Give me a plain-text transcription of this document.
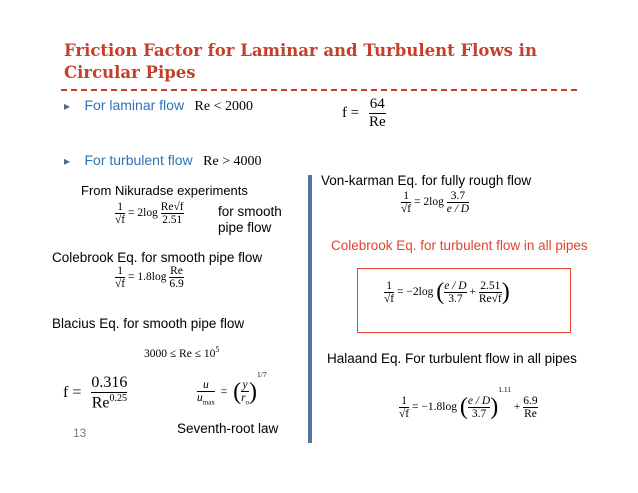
Friction Factor for Laminar and Turbulent Flows in Circular Pipes
▸ For laminar flow Re < 2000	$f = \frac{64}{Re}$
▸ For turbulent flow Re > 4000
From Nikuradse experiments
$\frac{1}{√f} = 2\log \frac{Re√f}{2.51}$	for smooth pipe flow
Colebrook Eq. for smooth pipe flow
$\frac{1}{√f} = 1.8\log \frac{Re}{6.9}$
Blacius Eq. for smooth pipe flow
$3000 \le Re \le 10^5$
$f = \frac{0.316}{Re^{0.25}}$	$\frac{u}{u_{max}}$ = ( $\frac{y}{r_o} )^{1/7}$
Seventh-root law
13
Von-karman Eq. for fully rough flow
$\frac{1}{√f} = 2\log \frac{3.7}{e / D}$
Colebrook Eq. for turbulent flow in all pipes
$\frac{1}{√f} = -2\log$ ( $\frac{e / D}{3.7} + \frac{2.51}{Re√f}$ )
Halaand Eq. For turbulent flow in all pipes
$\frac{1}{√f} = -1.8\log$ ( $\frac{e / D}{3.7} )^{1.11} + \frac{6.9}{Re}$
